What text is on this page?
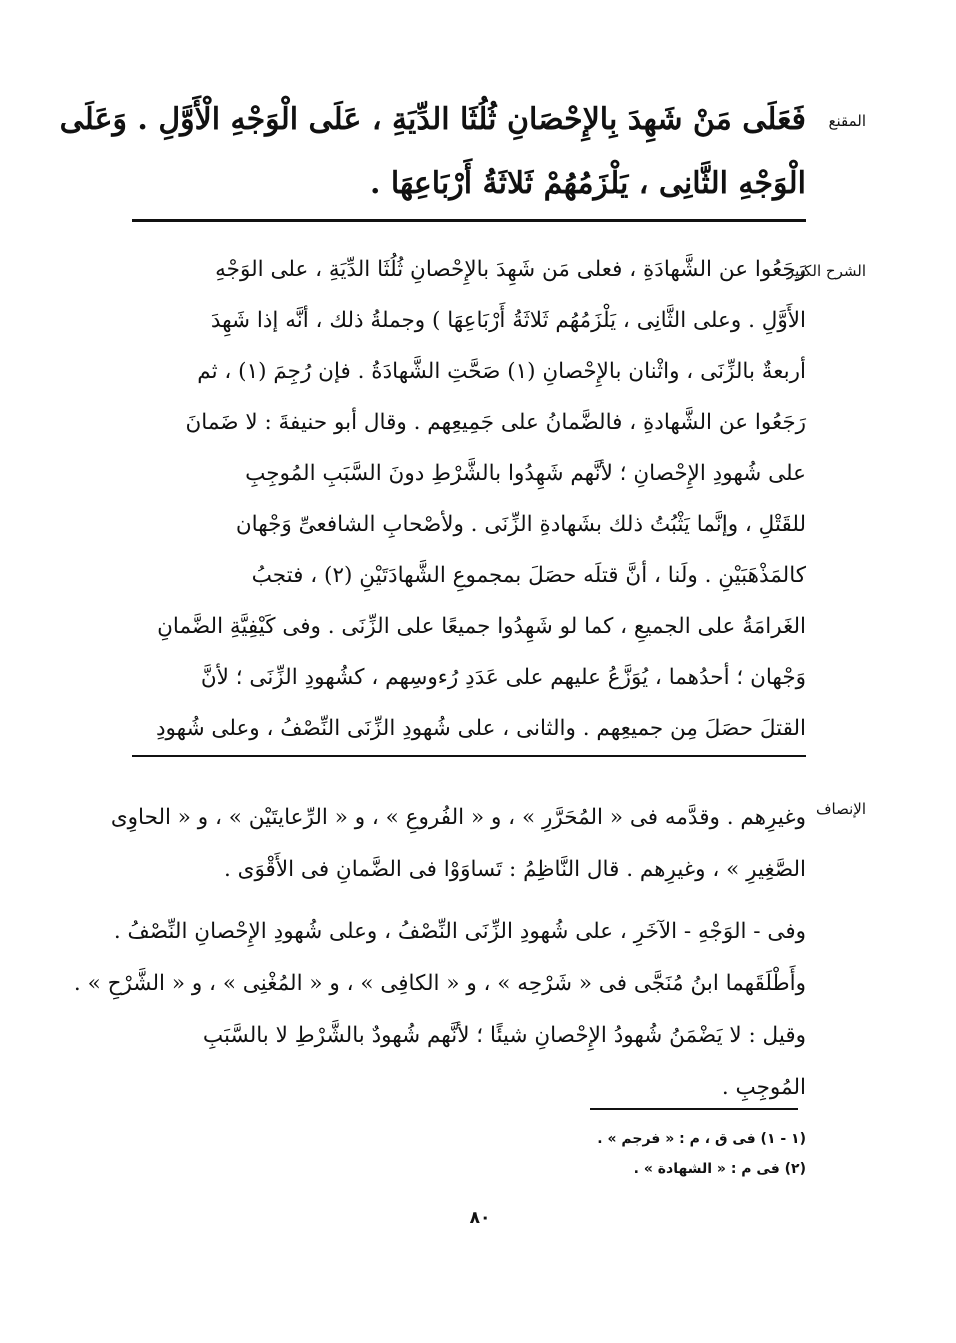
المقنع
فَعَلَى مَنْ شَهِدَ بِالإِحْصَانِ ثُلُثَا الدِّيَةِ ، عَلَى الْوَجْهِ الْأَوَّلِ . وَعَلَى
الْوَجْهِ الثَّانِى ، يَلْزَمُهُمْ ثَلاثَةُ أَرْبَاعِهَا .
الشرح الكبير
رَجَعُوا عن الشَّهادَةِ ، فعلى مَن شَهِدَ بالإِحْصانِ ثُلُثَا الدِّيَةِ ، على الوَجْهِ
الأَوَّلِ . وعلى الثَّانِى ، يَلْزَمُهُم ثَلاثَةُ أَرْبَاعِهَا ) وجملةُ ذلك ، أنَّه إذا شَهِدَ
أربعةٌ بالزِّنَى ، واثْنان بالإِحْصانِ (١) صَحَّتِ الشَّهادَةُ . فإن رُجِمَ (١) ، ثم
رَجَعُوا عن الشَّهادةِ ، فالضَّمانُ على جَمِيعِهم . وقال أبو حنيفةَ : لا ضَمانَ
على شُهودِ الإِحْصانِ ؛ لأنَّهم شَهِدُوا بالشَّرْطِ دونَ السَّبَبِ المُوجِبِ
للقَتْلِ ، وإنَّما يَثْبُتُ ذلك بشَهادةِ الزِّنَى . ولأصْحابِ الشافعىِّ وَجْهان
كالمَذْهَبَيْنِ . ولَنا ، أنَّ قتلَه حصَلَ بمجموعِ الشَّهادَتَيْنِ (٢) ، فتجبُ
الغَرامَةُ على الجميعِ ، كما لو شَهِدُوا جميعًا على الزِّنَى . وفى كَيْفِيَّةِ الضَّمانِ
وَجْهان ؛ أحدُهما ، يُوَزَّعُ عليهم على عَدَدِ رُءوسِهم ، كشُهودِ الزِّنَى ؛ لأنَّ
القتلَ حصَلَ مِن جميعِهم . والثانى ، على شُهودِ الزِّنَى النِّصْفُ ، وعلى شُهودِ
الإنصاف
وغيرِهم . وقدَّمه فى « المُحَرَّرِ » ، و « الفُروعِ » ، و « الرِّعايتَيْن » ، و « الحاوِى
الصَّغِيرِ » ، وغيرِهم . قال النَّاظِمُ : تَساوَوْا فى الضَّمانِ فى الأَقْوَى .
وفى - الوَجْهِ - الآخَرِ ، على شُهودِ الزِّنَى النِّصْفُ ، وعلى شُهودِ الإِحْصانِ النِّصْفُ .
وأَطْلَقَهما ابنُ مُنَجَّى فى « شَرْحِه » ، و « الكافِى » ، و « المُغْنِى » ، و « الشَّرْحِ » .
وقيل : لا يَضْمَنُ شُهودُ الإِحْصانِ شيئًا ؛ لأنَّهم شُهودٌ بالشَّرْطِ لا بالسَّبَبِ
المُوجِبِ .
(١ - ١) فى ق ، م : « فرجم » .
(٢) فى م : « الشهادة » .
٨٠
